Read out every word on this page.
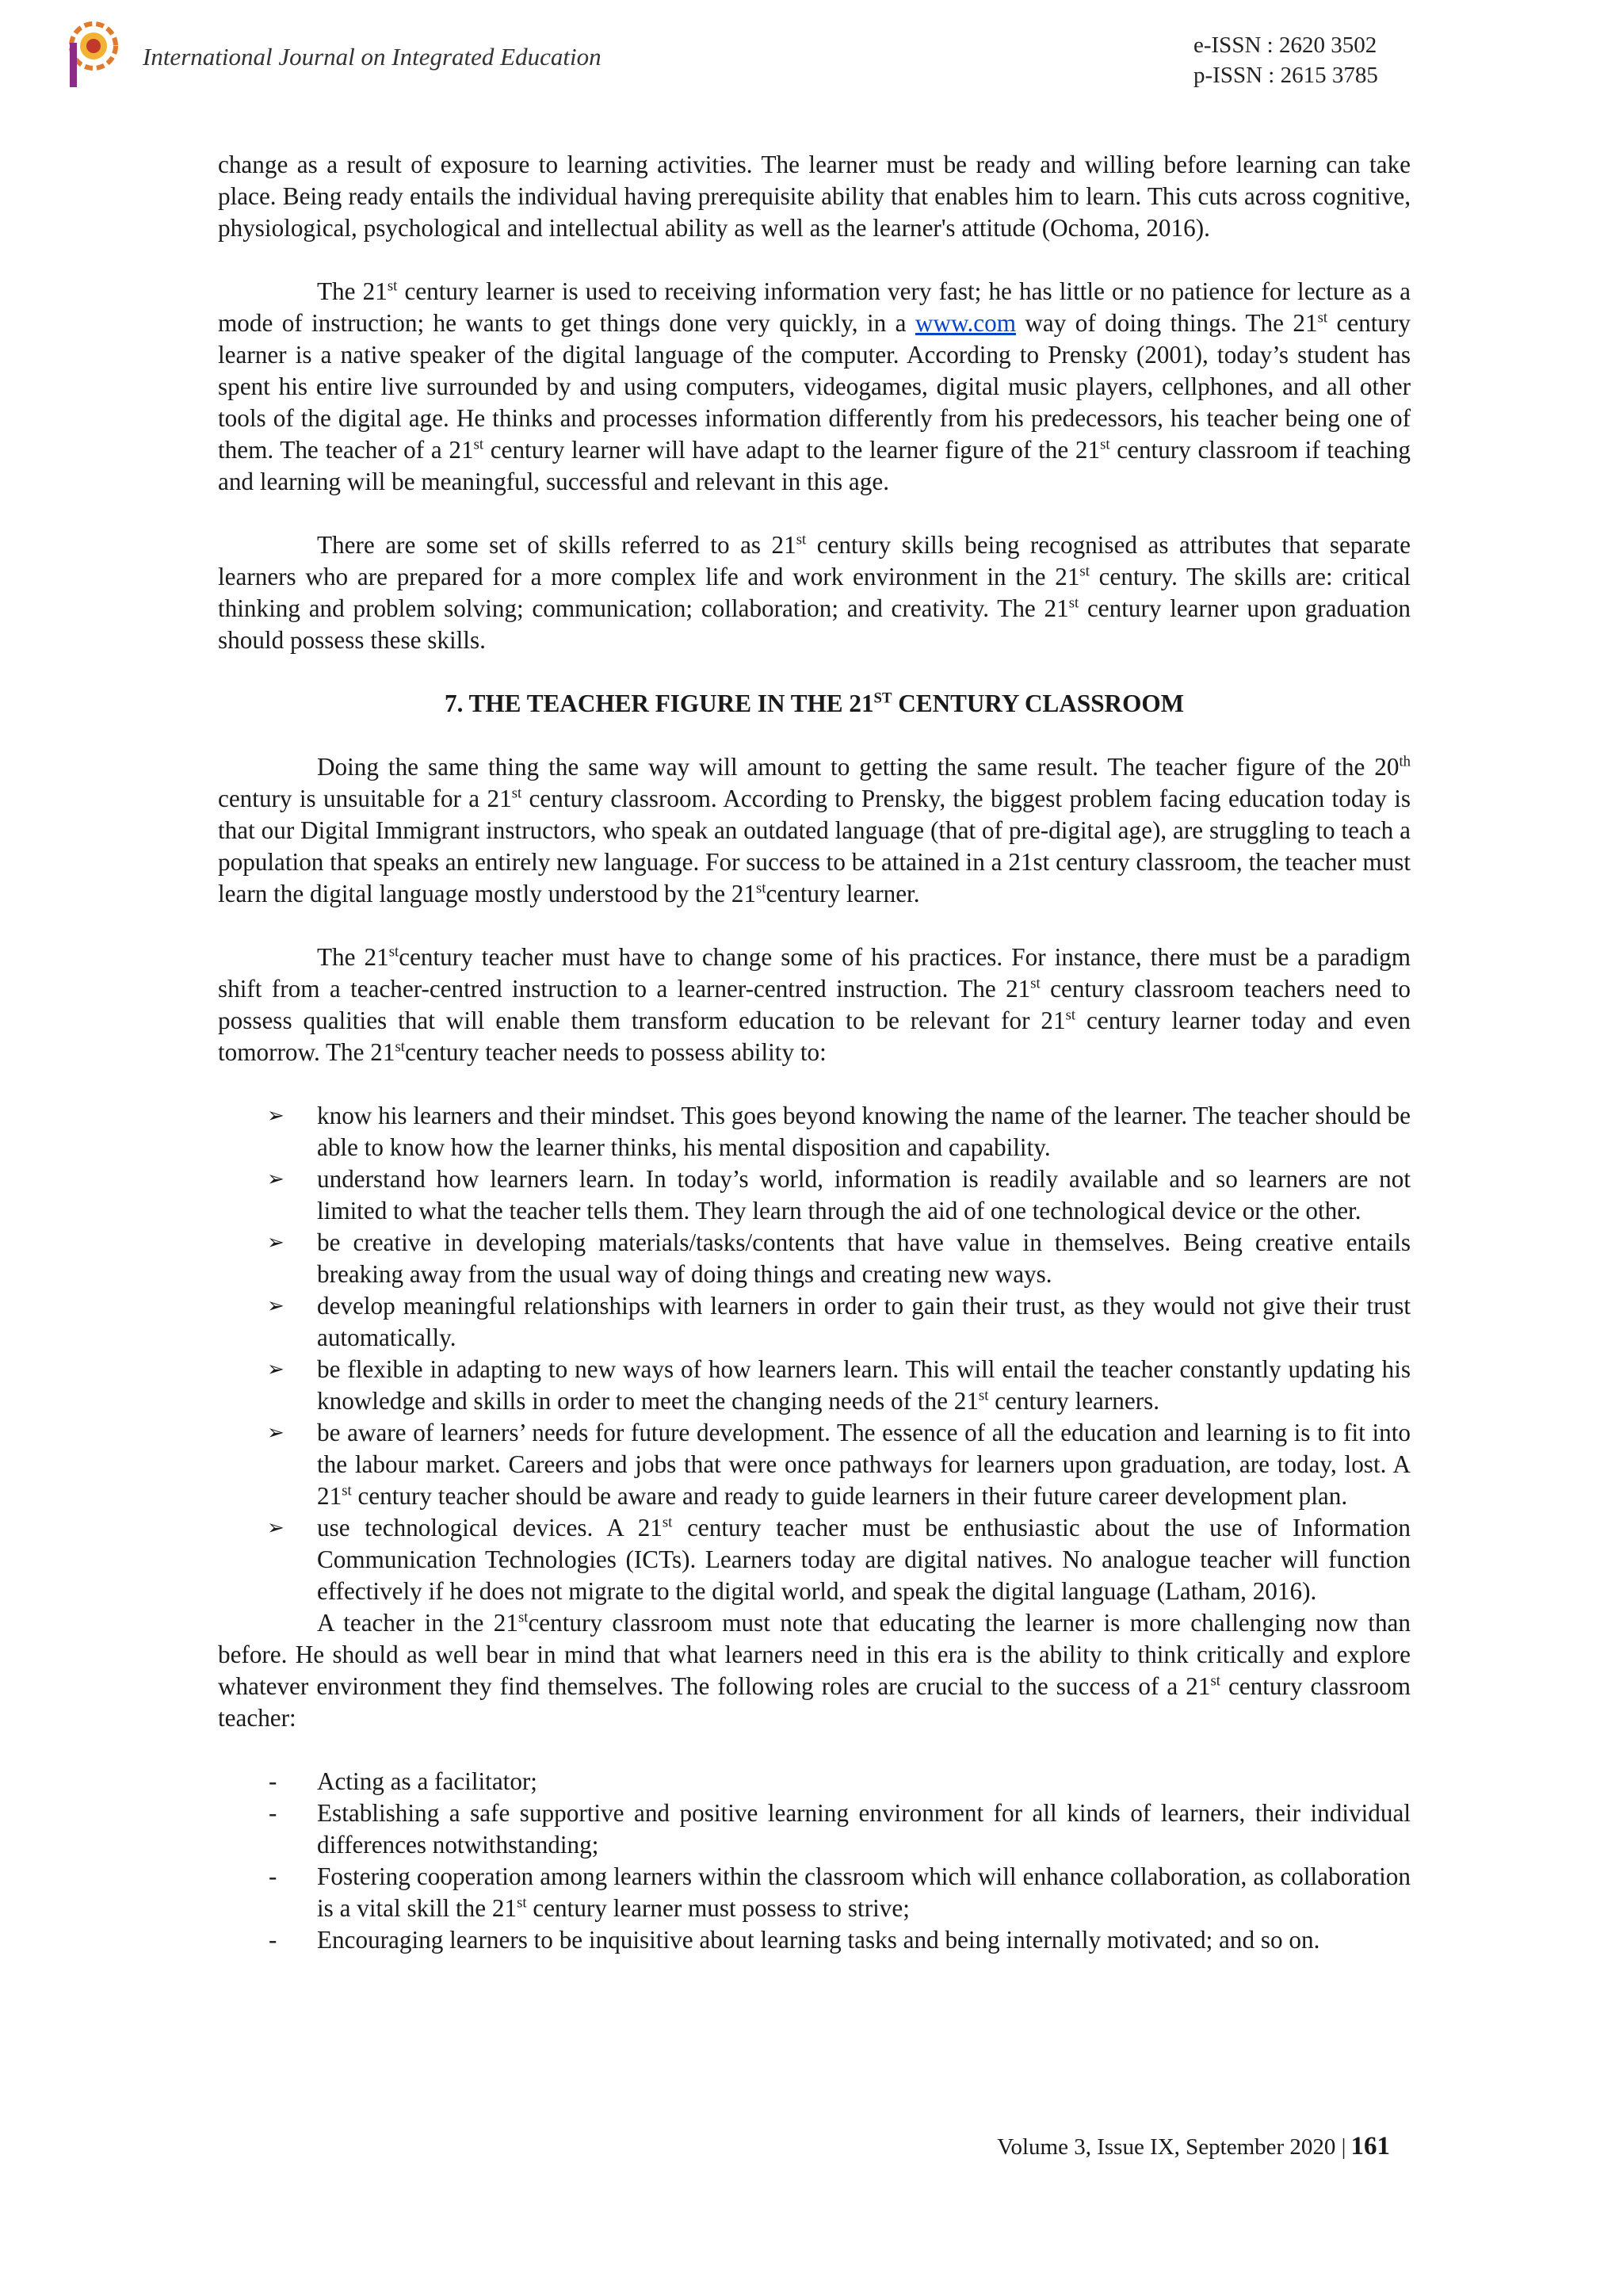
International Journal on Integrated Education	e-ISSN : 2620 3502
p-ISSN : 2615 3785

change as a result of exposure to learning activities. The learner must be ready and willing before learning can take place. Being ready entails the individual having prerequisite ability that enables him to learn. This cuts across cognitive, physiological, psychological and intellectual ability as well as the learner's attitude (Ochoma, 2016).

The 21st century learner is used to receiving information very fast; he has little or no patience for lecture as a mode of instruction; he wants to get things done very quickly, in a www.com way of doing things. The 21st century learner is a native speaker of the digital language of the computer. According to Prensky (2001), today’s student has spent his entire live surrounded by and using computers, videogames, digital music players, cellphones, and all other tools of the digital age. He thinks and processes information differently from his predecessors, his teacher being one of them. The teacher of a 21st century learner will have adapt to the learner figure of the 21st century classroom if teaching and learning will be meaningful, successful and relevant in this age.

There are some set of skills referred to as 21st century skills being recognised as attributes that separate learners who are prepared for a more complex life and work environment in the 21st century. The skills are: critical thinking and problem solving; communication; collaboration; and creativity. The 21st century learner upon graduation should possess these skills.

7. THE TEACHER FIGURE IN THE 21ST CENTURY CLASSROOM

Doing the same thing the same way will amount to getting the same result. The teacher figure of the 20th century is unsuitable for a 21st century classroom. According to Prensky, the biggest problem facing education today is that our Digital Immigrant instructors, who speak an outdated language (that of pre-digital age), are struggling to teach a population that speaks an entirely new language. For success to be attained in a 21st century classroom, the teacher must learn the digital language mostly understood by the 21stcentury learner.

The 21stcentury teacher must have to change some of his practices. For instance, there must be a paradigm shift from a teacher-centred instruction to a learner-centred instruction. The 21st century classroom teachers need to possess qualities that will enable them transform education to be relevant for 21st century learner today and even tomorrow. The 21stcentury teacher needs to possess ability to:

➢ know his learners and their mindset. This goes beyond knowing the name of the learner. The teacher should be able to know how the learner thinks, his mental disposition and capability.
➢ understand how learners learn. In today’s world, information is readily available and so learners are not limited to what the teacher tells them. They learn through the aid of one technological device or the other.
➢ be creative in developing materials/tasks/contents that have value in themselves. Being creative entails breaking away from the usual way of doing things and creating new ways.
➢ develop meaningful relationships with learners in order to gain their trust, as they would not give their trust automatically.
➢ be flexible in adapting to new ways of how learners learn. This will entail the teacher constantly updating his knowledge and skills in order to meet the changing needs of the 21st century learners.
➢ be aware of learners’ needs for future development. The essence of all the education and learning is to fit into the labour market. Careers and jobs that were once pathways for learners upon graduation, are today, lost. A 21st century teacher should be aware and ready to guide learners in their future career development plan.
➢ use technological devices. A 21st century teacher must be enthusiastic about the use of Information Communication Technologies (ICTs). Learners today are digital natives. No analogue teacher will function effectively if he does not migrate to the digital world, and speak the digital language (Latham, 2016).

A teacher in the 21stcentury classroom must note that educating the learner is more challenging now than before. He should as well bear in mind that what learners need in this era is the ability to think critically and explore whatever environment they find themselves. The following roles are crucial to the success of a 21st century classroom teacher:

- Acting as a facilitator;
- Establishing a safe supportive and positive learning environment for all kinds of learners, their individual differences notwithstanding;
- Fostering cooperation among learners within the classroom which will enhance collaboration, as collaboration is a vital skill the 21st century learner must possess to strive;
- Encouraging learners to be inquisitive about learning tasks and being internally motivated; and so on.
Volume 3, Issue IX, September 2020 | 161
